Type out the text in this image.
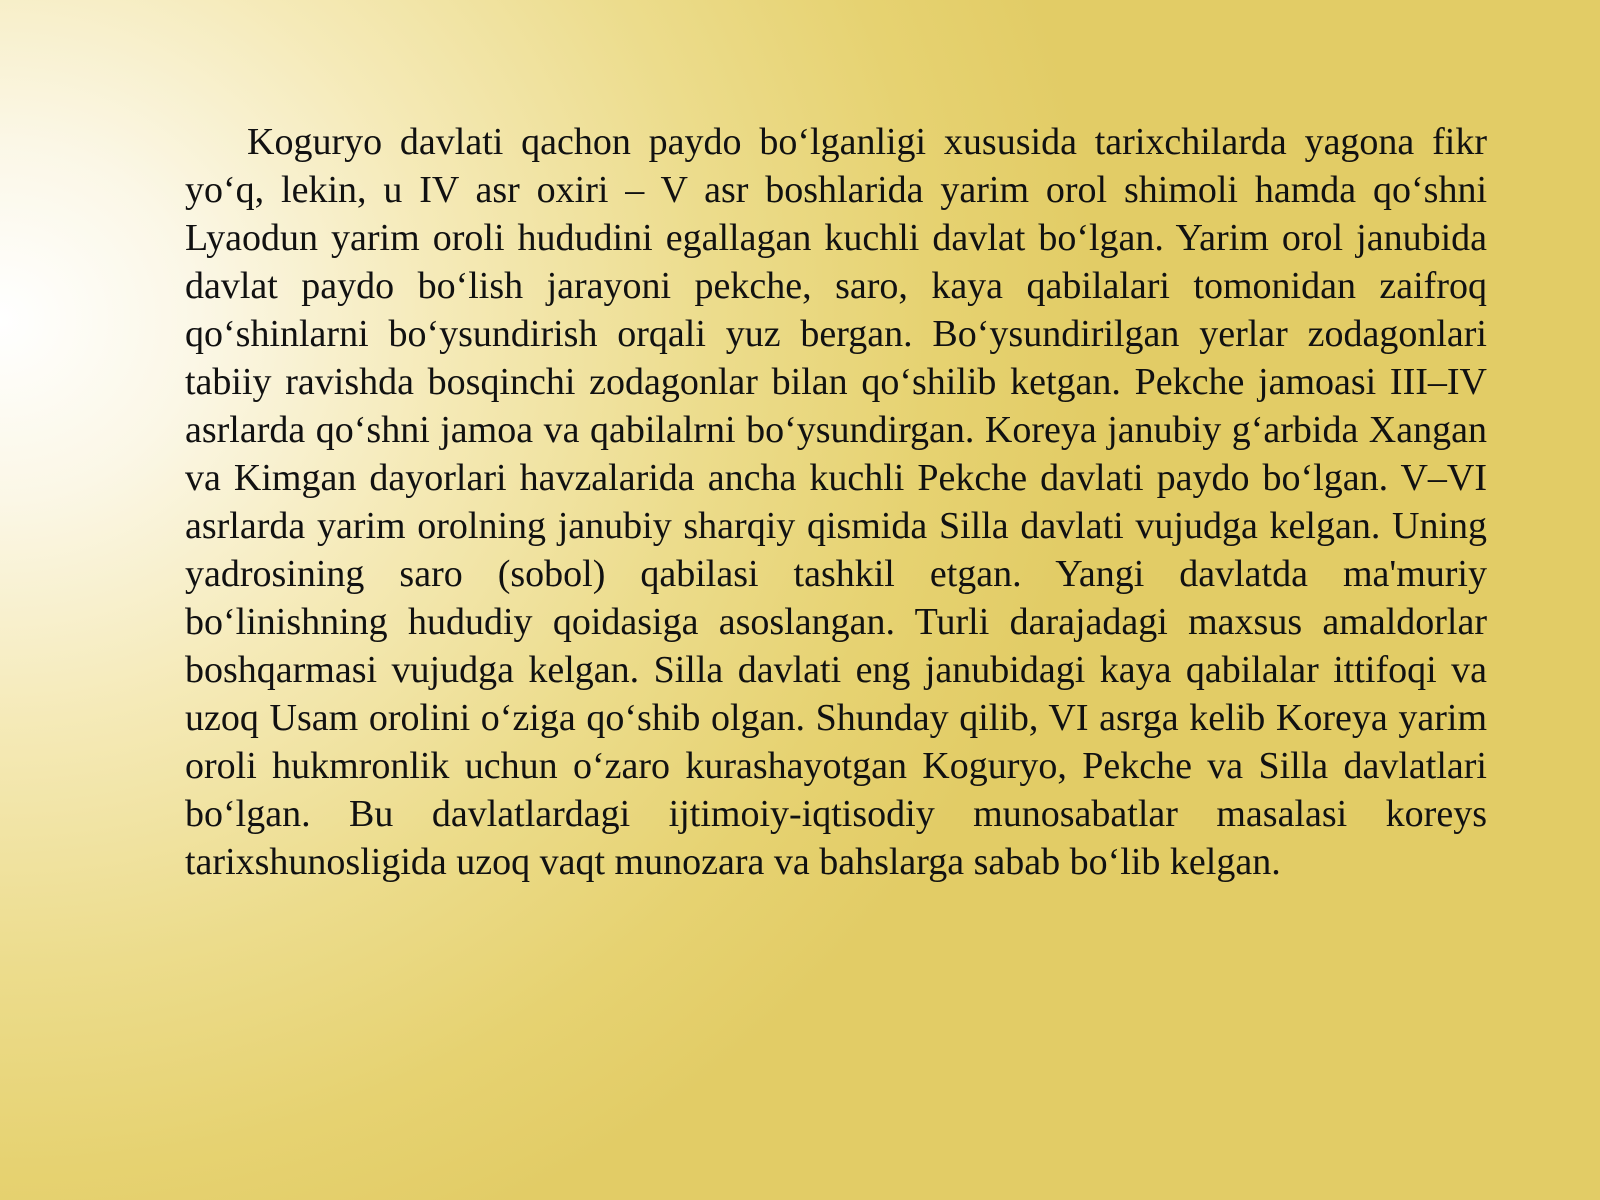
Koguryo davlati qachon paydo bo‘lganligi xususida tarixchilarda yagona fikr yo‘q, lekin, u IV asr oxiri – V asr boshlarida yarim orol shimoli hamda qo‘shni Lyaodun yarim oroli hududini egallagan kuchli davlat bo‘lgan. Yarim orol janubida davlat paydo bo‘lish jarayoni pekche, saro, kaya qabilalari tomonidan zaifroq qo‘shinlarni bo‘ysundirish orqali yuz bergan. Bo‘ysundirilgan yerlar zodagonlari tabiiy ravishda bosqinchi zodagonlar bilan qo‘shilib ketgan. Pekche jamoasi III–IV asrlarda qo‘shni jamoa va qabilalrni bo‘ysundirgan. Koreya janubiy g‘arbida Xangan va Kimgan dayorlari havzalarida ancha kuchli Pekche davlati paydo bo‘lgan. V–VI asrlarda yarim orolning janubiy sharqiy qismida Silla davlati vujudga kelgan. Uning yadrosining saro (sobol) qabilasi tashkil etgan. Yangi davlatda ma'muriy bo‘linishning hududiy qoidasiga asoslangan. Turli darajadagi maxsus amaldorlar boshqarmasi vujudga kelgan. Silla davlati eng janubidagi kaya qabilalar ittifoqi va uzoq Usam orolini o‘ziga qo‘shib olgan. Shunday qilib, VI asrga kelib Koreya yarim oroli hukmronlik uchun o‘zaro kurashayotgan Koguryo, Pekche va Silla davlatlari bo‘lgan. Bu davlatlardagi ijtimoiy-iqtisodiy munosabatlar masalasi koreys tarixshunosligida uzoq vaqt munozara va bahslarga sabab bo‘lib kelgan.
